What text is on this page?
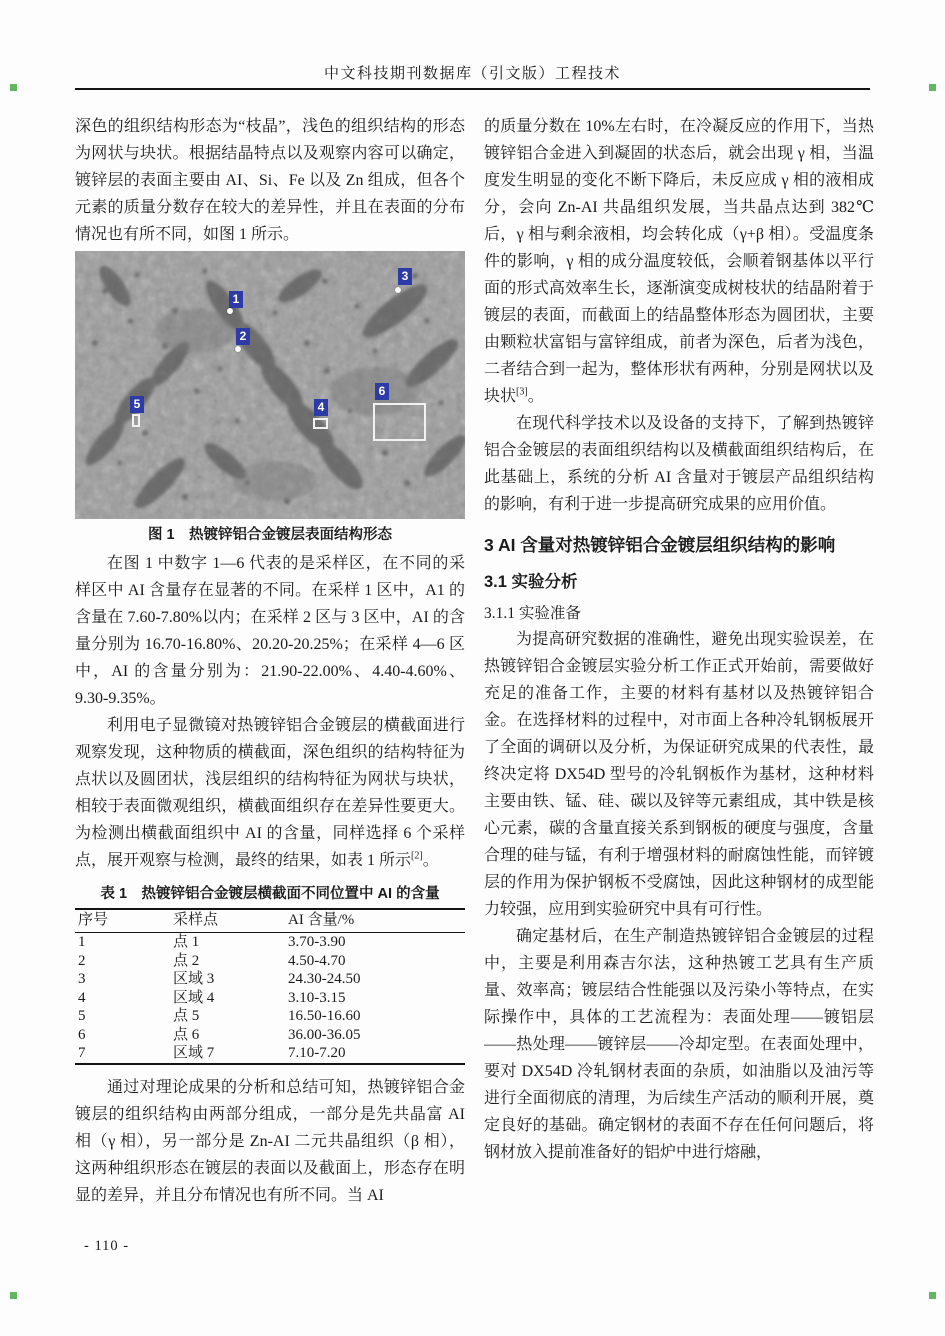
中文科技期刊数据库（引文版）工程技术

深色的组织结构形态为“枝晶”，浅色的组织结构的形态为网状与块状。根据结晶特点以及观察内容可以确定，镀锌层的表面主要由 AI、Si、Fe 以及 Zn 组成，但各个元素的质量分数存在较大的差异性，并且在表面的分布情况也有所不同，如图 1 所示。

1
2
3
4
5
6
图 1　热镀锌铝合金镀层表面结构形态

在图 1 中数字 1—6 代表的是采样区，在不同的采样区中 AI 含量存在显著的不同。在采样 1 区中，A1 的含量在 7.60-7.80%以内；在采样 2 区与 3 区中，AI 的含量分别为 16.70-16.80%、20.20-20.25%；在采样 4—6 区中，AI 的含量分别为：21.90-22.00%、4.40-4.60%、9.30-9.35%。

利用电子显微镜对热镀锌铝合金镀层的横截面进行观察发现，这种物质的横截面，深色组织的结构特征为点状以及圆团状，浅层组织的结构特征为网状与块状，相较于表面微观组织，横截面组织存在差异性要更大。为检测出横截面组织中 AI 的含量，同样选择 6 个采样点，展开观察与检测，最终的结果，如表 1 所示[2]。

表 1　热镀锌铝合金镀层横截面不同位置中 AI 的含量
序号	采样点	AI 含量/%
1	点 1	3.70-3.90
2	点 2	4.50-4.70
3	区域 3	24.30-24.50
4	区域 4	3.10-3.15
5	点 5	16.50-16.60
6	点 6	36.00-36.05
7	区域 7	7.10-7.20

通过对理论成果的分析和总结可知，热镀锌铝合金镀层的组织结构由两部分组成，一部分是先共晶富 AI 相（γ 相），另一部分是 Zn-AI 二元共晶组织（β 相），这两种组织形态在镀层的表面以及截面上，形态存在明显的差异，并且分布情况也有所不同。当 AI

的质量分数在 10%左右时，在冷凝反应的作用下，当热镀锌铝合金进入到凝固的状态后，就会出现 γ 相，当温度发生明显的变化不断下降后，未反应成 γ 相的液相成分，会向 Zn-AI 共晶组织发展，当共晶点达到 382℃后，γ 相与剩余液相，均会转化成（γ+β 相）。受温度条件的影响，γ 相的成分温度较低，会顺着钢基体以平行面的形式高效率生长，逐渐演变成树枝状的结晶附着于镀层的表面，而截面上的结晶整体形态为圆团状，主要由颗粒状富铝与富锌组成，前者为深色，后者为浅色，二者结合到一起为，整体形状有两种，分别是网状以及块状[3]。

在现代科学技术以及设备的支持下，了解到热镀锌铝合金镀层的表面组织结构以及横截面组织结构后，在此基础上，系统的分析 AI 含量对于镀层产品组织结构的影响，有利于进一步提高研究成果的应用价值。

3 AI 含量对热镀锌铝合金镀层组织结构的影响
3.1 实验分析
3.1.1 实验准备

为提高研究数据的准确性，避免出现实验误差，在热镀锌铝合金镀层实验分析工作正式开始前，需要做好充足的准备工作，主要的材料有基材以及热镀锌铝合金。在选择材料的过程中，对市面上各种冷轧钢板展开了全面的调研以及分析，为保证研究成果的代表性，最终决定将 DX54D 型号的冷轧钢板作为基材，这种材料主要由铁、锰、硅、碳以及锌等元素组成，其中铁是核心元素，碳的含量直接关系到钢板的硬度与强度，含量合理的硅与锰，有利于增强材料的耐腐蚀性能，而锌镀层的作用为保护钢板不受腐蚀，因此这种钢材的成型能力较强，应用到实验研究中具有可行性。

确定基材后，在生产制造热镀锌铝合金镀层的过程中，主要是利用森吉尔法，这种热镀工艺具有生产质量、效率高；镀层结合性能强以及污染小等特点，在实际操作中，具体的工艺流程为：表面处理——镀铝层——热处理——镀锌层——冷却定型。在表面处理中，要对 DX54D 冷轧钢材表面的杂质，如油脂以及油污等进行全面彻底的清理，为后续生产活动的顺利开展，奠定良好的基础。确定钢材的表面不存在任何问题后，将钢材放入提前准备好的铝炉中进行熔融，

- 110 -
